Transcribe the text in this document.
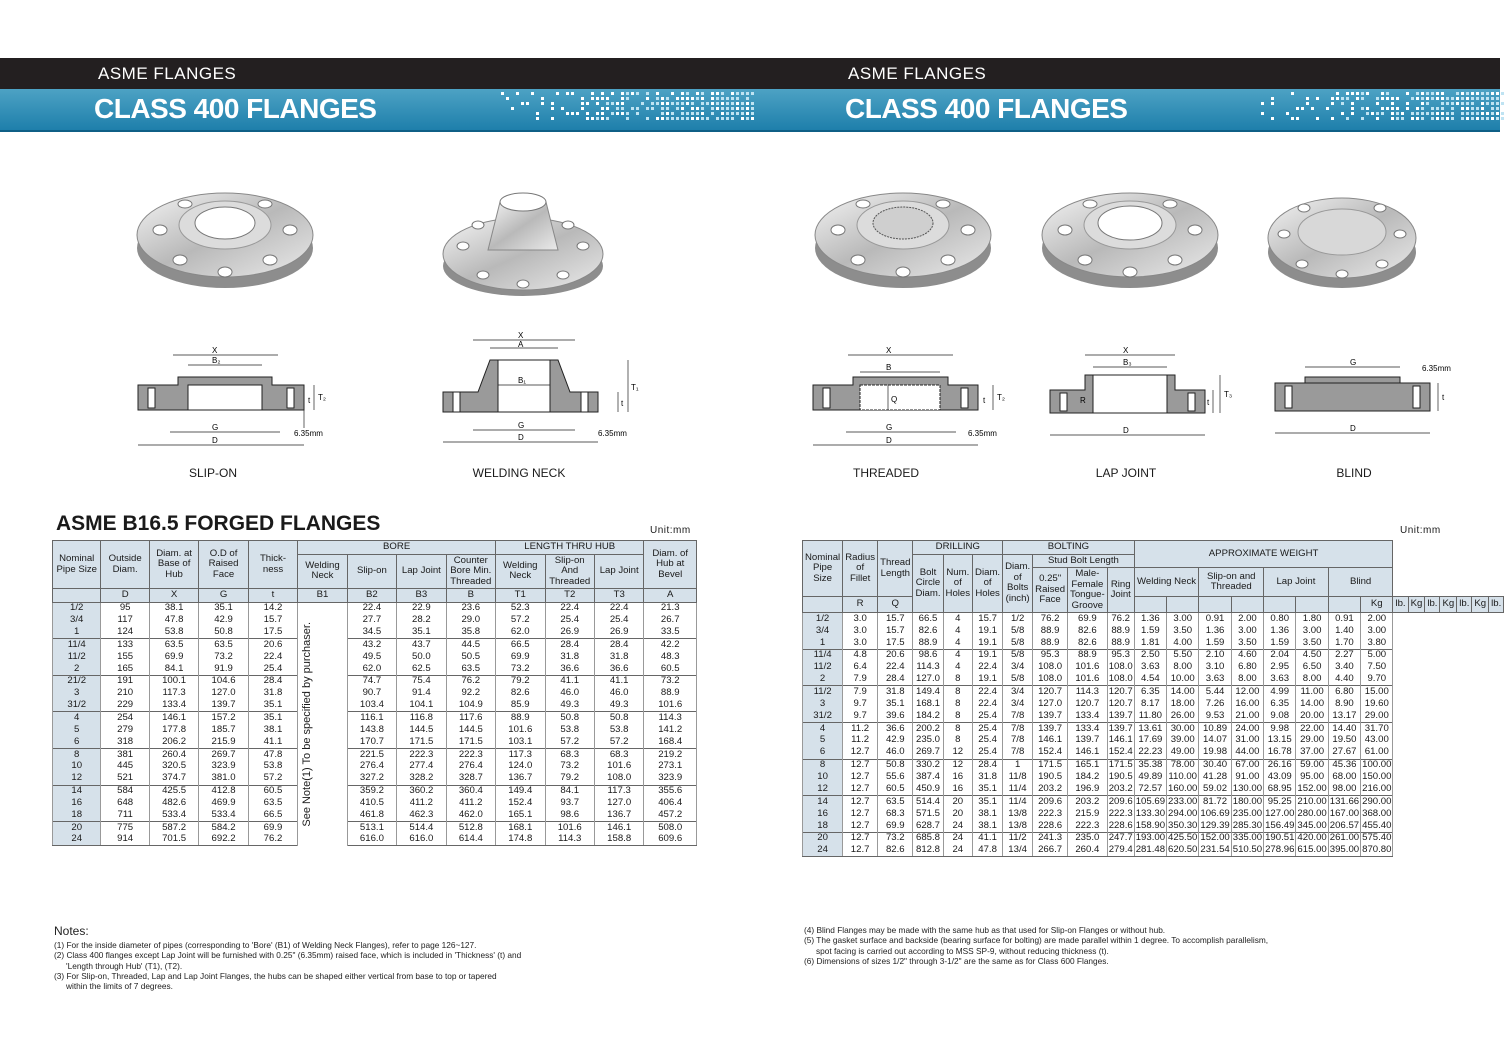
ASME FLANGES
CLASS 400 FLANGES
ASME FLANGES
CLASS 400 FLANGES
X
B₂
G
D
T₂
t
6.35mm
X
A
B₁
G
D
T₁
t
6.35mm
X
B
Q
G
D
T₂
t
6.35mm
X
B₃
R
D
T₃
t
G
D
t
6.35mm
SLIP-ON	WELDING NECK	THREADED	LAP JOINT	BLIND
ASME B16.5 FORGED FLANGES	Unit:mm
Nominal Pipe Size	Outside Diam.	Diam. at Base of Hub	O.D of Raised Face	Thick- ness	BORE				LENGTH THRU HUB			Diam. of Hub at Bevel
					Welding Neck	Slip-on	Lap Joint	Counter Bore Min. Threaded	Welding Neck	Slip-on And Threaded	Lap Joint	
	D	X	G	t	B1	B2	B3	B	T1	T2	T3	A
1/2	95	38.1	35.1	14.2	See Note(1) To be specified by purchaser.	22.4	22.9	23.6	52.3	22.4	22.4	21.3
3/4	117	47.8	42.9	15.7		27.7	28.2	29.0	57.2	25.4	25.4	26.7
1	124	53.8	50.8	17.5		34.5	35.1	35.8	62.0	26.9	26.9	33.5
11/4	133	63.5	63.5	20.6		43.2	43.7	44.5	66.5	28.4	28.4	42.2
11/2	155	69.9	73.2	22.4		49.5	50.0	50.5	69.9	31.8	31.8	48.3
2	165	84.1	91.9	25.4		62.0	62.5	63.5	73.2	36.6	36.6	60.5
21/2	191	100.1	104.6	28.4		74.7	75.4	76.2	79.2	41.1	41.1	73.2
3	210	117.3	127.0	31.8		90.7	91.4	92.2	82.6	46.0	46.0	88.9
31/2	229	133.4	139.7	35.1		103.4	104.1	104.9	85.9	49.3	49.3	101.6
4	254	146.1	157.2	35.1		116.1	116.8	117.6	88.9	50.8	50.8	114.3
5	279	177.8	185.7	38.1		143.8	144.5	144.5	101.6	53.8	53.8	141.2
6	318	206.2	215.9	41.1		170.7	171.5	171.5	103.1	57.2	57.2	168.4
8	381	260.4	269.7	47.8		221.5	222.3	222.3	117.3	68.3	68.3	219.2
10	445	320.5	323.9	53.8		276.4	277.4	276.4	124.0	73.2	101.6	273.1
12	521	374.7	381.0	57.2		327.2	328.2	328.7	136.7	79.2	108.0	323.9
14	584	425.5	412.8	60.5		359.2	360.2	360.4	149.4	84.1	117.3	355.6
16	648	482.6	469.9	63.5		410.5	411.2	411.2	152.4	93.7	127.0	406.4
18	711	533.4	533.4	66.5		461.8	462.3	462.0	165.1	98.6	136.7	457.2
20	775	587.2	584.2	69.9		513.1	514.4	512.8	168.1	101.6	146.1	508.0
24	914	701.5	692.2	76.2		616.0	616.0	614.4	174.8	114.3	158.8	609.6
Unit:mm
Nominal Pipe Size	Radius of Fillet	Thread Length	DRILLING			BOLTING				APPROXIMATE WEIGHT														
			Bolt Circle Diam.	Num. of Holes	Diam. of Holes	Diam. of Bolts (inch)	Stud Bolt Length																	
							0.25" Raised Face	Male-Female Tongue-Groove	Ring Joint	Welding Neck		Slip-on and Threaded		Lap Joint		Blind								
	R	Q															Kg	lb.	Kg	lb.	Kg	lb.	Kg	lb.
1/2	3.0	15.7	66.5	4	15.7	1/2	76.2	69.9	76.2	1.36	3.00	0.91	2.00	0.80	1.80	0.91	2.00							
3/4	3.0	15.7	82.6	4	19.1	5/8	88.9	82.6	88.9	1.59	3.50	1.36	3.00	1.36	3.00	1.40	3.00							
1	3.0	17.5	88.9	4	19.1	5/8	88.9	82.6	88.9	1.81	4.00	1.59	3.50	1.59	3.50	1.70	3.80							
11/4	4.8	20.6	98.6	4	19.1	5/8	95.3	88.9	95.3	2.50	5.50	2.10	4.60	2.04	4.50	2.27	5.00							
11/2	6.4	22.4	114.3	4	22.4	3/4	108.0	101.6	108.0	3.63	8.00	3.10	6.80	2.95	6.50	3.40	7.50							
2	7.9	28.4	127.0	8	19.1	5/8	108.0	101.6	108.0	4.54	10.00	3.63	8.00	3.63	8.00	4.40	9.70							
11/2	7.9	31.8	149.4	8	22.4	3/4	120.7	114.3	120.7	6.35	14.00	5.44	12.00	4.99	11.00	6.80	15.00							
3	9.7	35.1	168.1	8	22.4	3/4	127.0	120.7	120.7	8.17	18.00	7.26	16.00	6.35	14.00	8.90	19.60							
31/2	9.7	39.6	184.2	8	25.4	7/8	139.7	133.4	139.7	11.80	26.00	9.53	21.00	9.08	20.00	13.17	29.00							
4	11.2	36.6	200.2	8	25.4	7/8	139.7	133.4	139.7	13.61	30.00	10.89	24.00	9.98	22.00	14.40	31.70							
5	11.2	42.9	235.0	8	25.4	7/8	146.1	139.7	146.1	17.69	39.00	14.07	31.00	13.15	29.00	19.50	43.00							
6	12.7	46.0	269.7	12	25.4	7/8	152.4	146.1	152.4	22.23	49.00	19.98	44.00	16.78	37.00	27.67	61.00							
8	12.7	50.8	330.2	12	28.4	1	171.5	165.1	171.5	35.38	78.00	30.40	67.00	26.16	59.00	45.36	100.00							
10	12.7	55.6	387.4	16	31.8	11/8	190.5	184.2	190.5	49.89	110.00	41.28	91.00	43.09	95.00	68.00	150.00							
12	12.7	60.5	450.9	16	35.1	11/4	203.2	196.9	203.2	72.57	160.00	59.02	130.00	68.95	152.00	98.00	216.00							
14	12.7	63.5	514.4	20	35.1	11/4	209.6	203.2	209.6	105.69	233.00	81.72	180.00	95.25	210.00	131.66	290.00							
16	12.7	68.3	571.5	20	38.1	13/8	222.3	215.9	222.3	133.30	294.00	106.69	235.00	127.00	280.00	167.00	368.00							
18	12.7	69.9	628.7	24	38.1	13/8	228.6	222.3	228.6	158.90	350.30	129.39	285.30	156.49	345.00	206.57	455.40							
20	12.7	73.2	685.8	24	41.1	11/2	241.3	235.0	247.7	193.00	425.50	152.00	335.00	190.51	420.00	261.00	575.40							
24	12.7	82.6	812.8	24	47.8	13/4	266.7	260.4	279.4	281.48	620.50	231.54	510.50	278.96	615.00	395.00	870.80							
Notes:
(1) For the inside diameter of pipes (corresponding to 'Bore' (B1) of Welding Neck Flanges), refer to page 126~127.
(2) Class 400 flanges except Lap Joint will be furnished with 0.25" (6.35mm) raised face, which is included in 'Thickness' (t) and
'Length through Hub' (T1), (T2).
(3) For Slip-on, Threaded, Lap and Lap Joint Flanges, the hubs can be shaped either vertical from base to top or tapered
within the limits of 7 degrees.
(4) Blind Flanges may be made with the same hub as that used for Slip-on Flanges or without hub.
(5) The gasket surface and backside (bearing surface for bolting) are made parallel within 1 degree. To accomplish parallelism,
spot facing is carried out according to MSS SP-9, without reducing thickness (t).
(6) Dimensions of sizes 1/2" through 3-1/2" are the same as for Class 600 Flanges.
